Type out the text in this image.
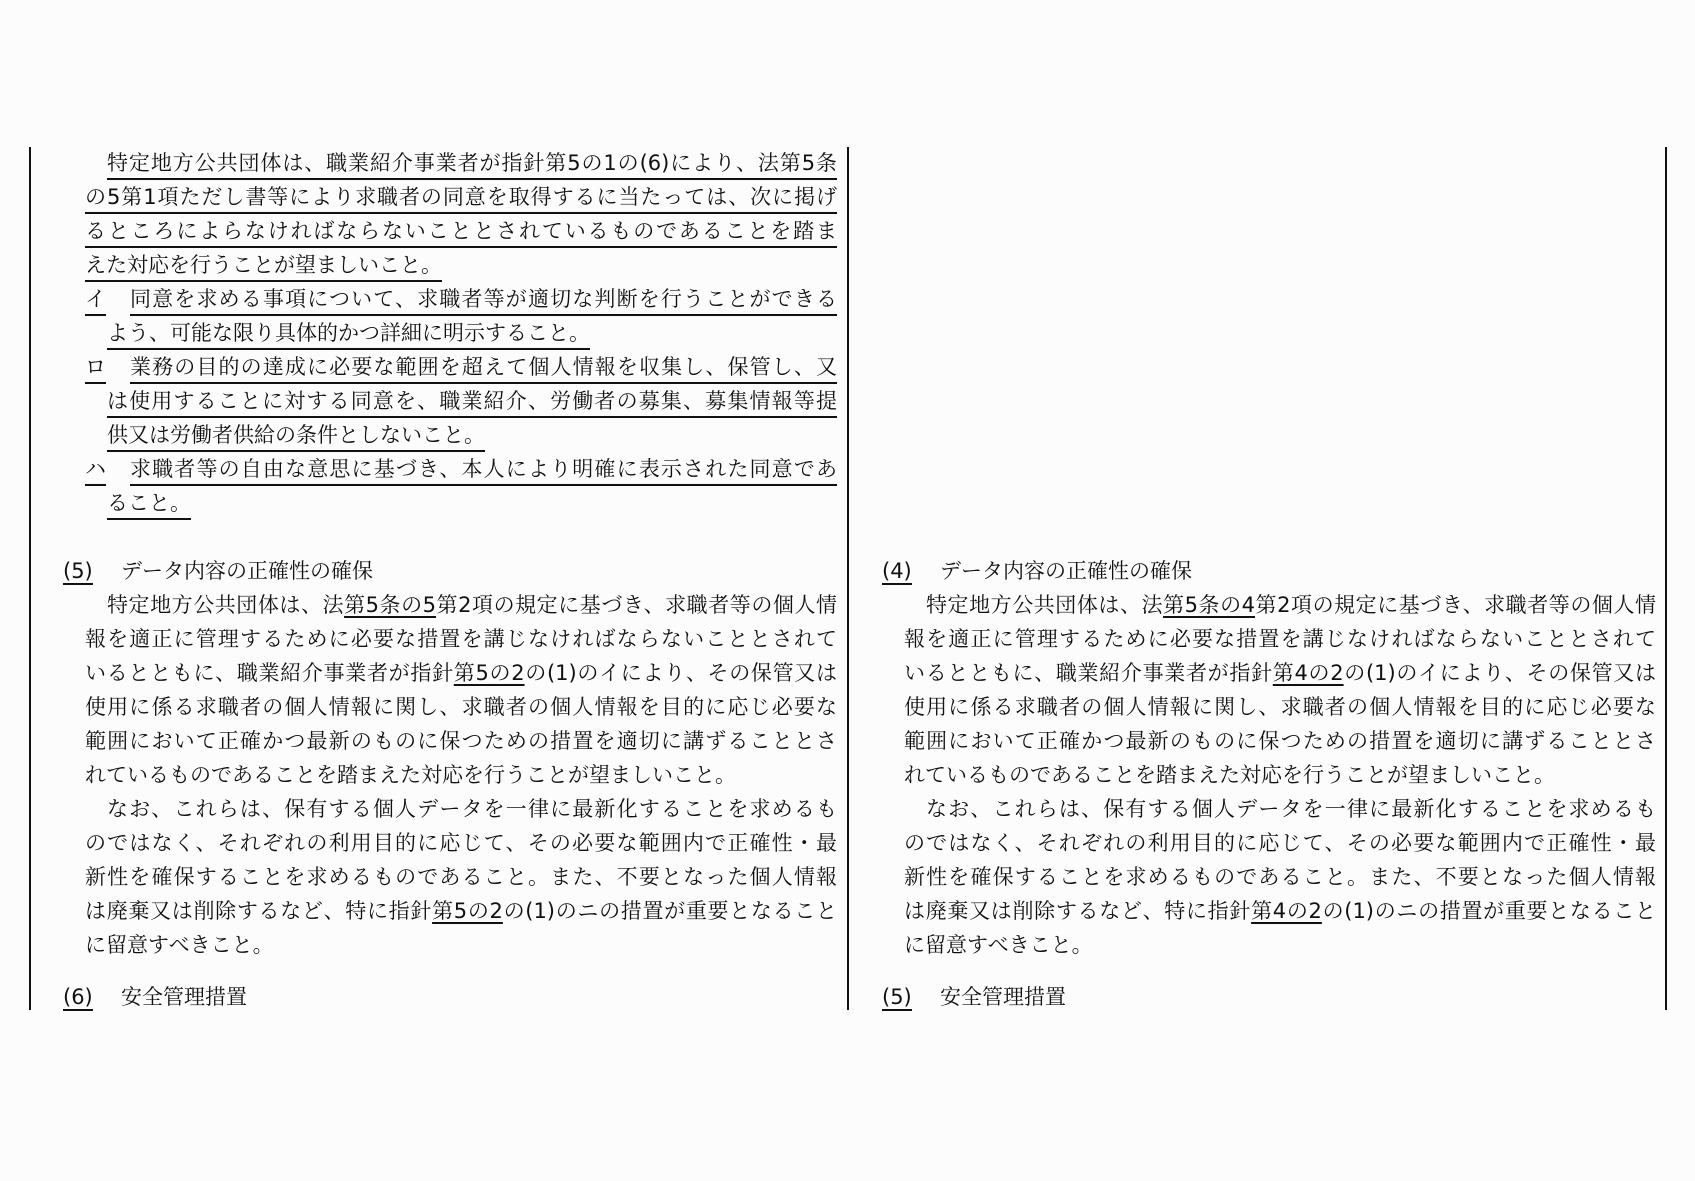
特定地方公共団体は、職業紹介事業者が指針第5の1の(6)により、法第5条
の5第1項ただし書等により求職者の同意を取得するに当たっては、次に掲げ
るところによらなければならないこととされているものであることを踏ま
えた対応を行うことが望ましいこと。
イ 同意を求める事項について、求職者等が適切な判断を行うことができる
よう、可能な限り具体的かつ詳細に明示すること。
ロ 業務の目的の達成に必要な範囲を超えて個人情報を収集し、保管し、又
は使用することに対する同意を、職業紹介、労働者の募集、募集情報等提
供又は労働者供給の条件としないこと。
ハ 求職者等の自由な意思に基づき、本人により明確に表示された同意であ
ること。
(5) データ内容の正確性の確保
特定地方公共団体は、法第5条の5第2項の規定に基づき、求職者等の個人情
報を適正に管理するために必要な措置を講じなければならないこととされて
いるとともに、職業紹介事業者が指針第5の2の(1)のイにより、その保管又は
使用に係る求職者の個人情報に関し、求職者の個人情報を目的に応じ必要な
範囲において正確かつ最新のものに保つための措置を適切に講ずることとさ
れているものであることを踏まえた対応を行うことが望ましいこと。
なお、これらは、保有する個人データを一律に最新化することを求めるも
のではなく、それぞれの利用目的に応じて、その必要な範囲内で正確性・最
新性を確保することを求めるものであること。また、不要となった個人情報
は廃棄又は削除するなど、特に指針第5の2の(1)のニの措置が重要となること
に留意すべきこと。
(6) 安全管理措置
(4) データ内容の正確性の確保
特定地方公共団体は、法第5条の4第2項の規定に基づき、求職者等の個人情
報を適正に管理するために必要な措置を講じなければならないこととされて
いるとともに、職業紹介事業者が指針第4の2の(1)のイにより、その保管又は
使用に係る求職者の個人情報に関し、求職者の個人情報を目的に応じ必要な
範囲において正確かつ最新のものに保つための措置を適切に講ずることとさ
れているものであることを踏まえた対応を行うことが望ましいこと。
なお、これらは、保有する個人データを一律に最新化することを求めるも
のではなく、それぞれの利用目的に応じて、その必要な範囲内で正確性・最
新性を確保することを求めるものであること。また、不要となった個人情報
は廃棄又は削除するなど、特に指針第4の2の(1)のニの措置が重要となること
に留意すべきこと。
(5) 安全管理措置
